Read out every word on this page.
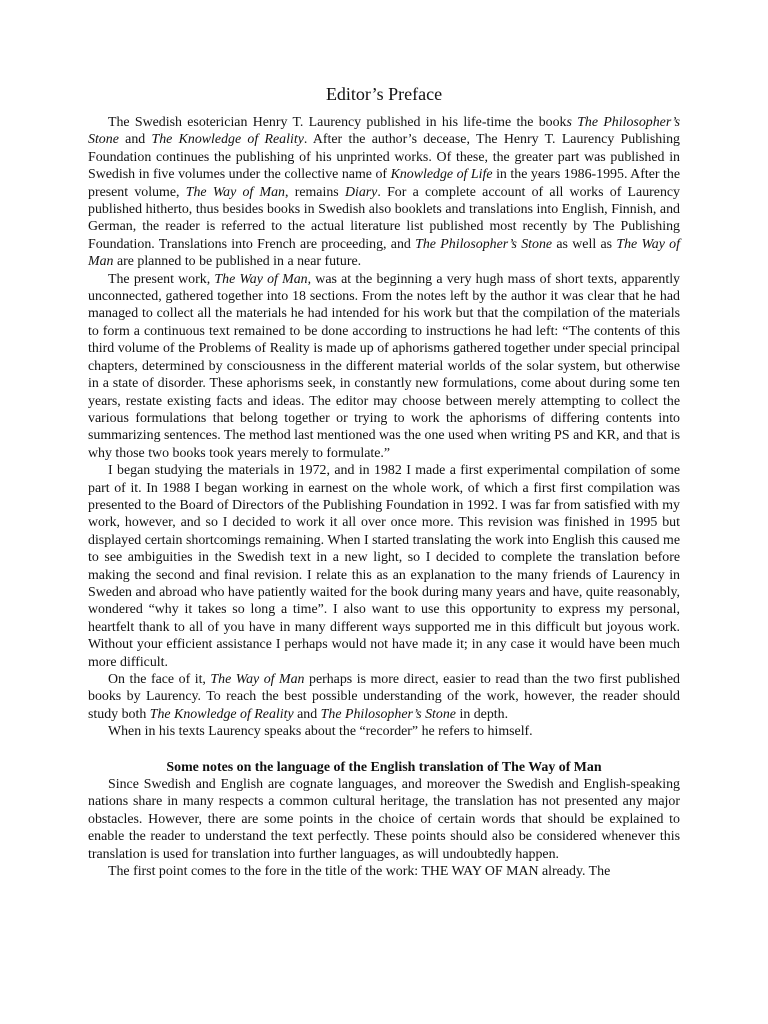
Editor’s Preface

The Swedish esoterician Henry T. Laurency published in his life-time the books The Philosopher’s Stone and The Knowledge of Reality. After the author’s decease, The Henry T. Laurency Publishing Foundation continues the publishing of his unprinted works. Of these, the greater part was published in Swedish in five volumes under the collective name of Knowledge of Life in the years 1986-1995. After the present volume, The Way of Man, remains Diary. For a complete account of all works of Laurency published hitherto, thus besides books in Swedish also booklets and translations into English, Finnish, and German, the reader is referred to the actual literature list published most recently by The Publishing Foundation. Translations into French are proceeding, and The Philosopher’s Stone as well as The Way of Man are planned to be published in a near future.

The present work, The Way of Man, was at the beginning a very hugh mass of short texts, apparently unconnected, gathered together into 18 sections. From the notes left by the author it was clear that he had managed to collect all the materials he had intended for his work but that the compilation of the materials to form a continuous text remained to be done according to instructions he had left: “The contents of this third volume of the Problems of Reality is made up of aphorisms gathered together under special principal chapters, determined by consciousness in the different material worlds of the solar system, but otherwise in a state of disorder. These aphorisms seek, in constantly new formulations, come about during some ten years, restate existing facts and ideas. The editor may choose between merely attempting to collect the various formulations that belong together or trying to work the aphorisms of differing contents into summarizing sentences. The method last mentioned was the one used when writing PS and KR, and that is why those two books took years merely to formulate.”

I began studying the materials in 1972, and in 1982 I made a first experimental compilation of some part of it. In 1988 I began working in earnest on the whole work, of which a first first compilation was presented to the Board of Directors of the Publishing Foundation in 1992. I was far from satisfied with my work, however, and so I decided to work it all over once more. This revision was finished in 1995 but displayed certain shortcomings remaining. When I started translating the work into English this caused me to see ambiguities in the Swedish text in a new light, so I decided to complete the translation before making the second and final revision. I relate this as an explanation to the many friends of Laurency in Sweden and abroad who have patiently waited for the book during many years and have, quite reasonably, wondered “why it takes so long a time”. I also want to use this opportunity to express my personal, heartfelt thank to all of you have in many different ways supported me in this difficult but joyous work. Without your efficient assistance I perhaps would not have made it; in any case it would have been much more difficult.

On the face of it, The Way of Man perhaps is more direct, easier to read than the two first published books by Laurency. To reach the best possible understanding of the work, however, the reader should study both The Knowledge of Reality and The Philosopher’s Stone in depth.

When in his texts Laurency speaks about the “recorder” he refers to himself.

Some notes on the language of the English translation of The Way of Man

Since Swedish and English are cognate languages, and moreover the Swedish and English-speaking nations share in many respects a common cultural heritage, the translation has not presented any major obstacles. However, there are some points in the choice of certain words that should be explained to enable the reader to understand the text perfectly. These points should also be considered whenever this translation is used for translation into further languages, as will undoubtedly happen.

The first point comes to the fore in the title of the work: THE WAY OF MAN already. The
